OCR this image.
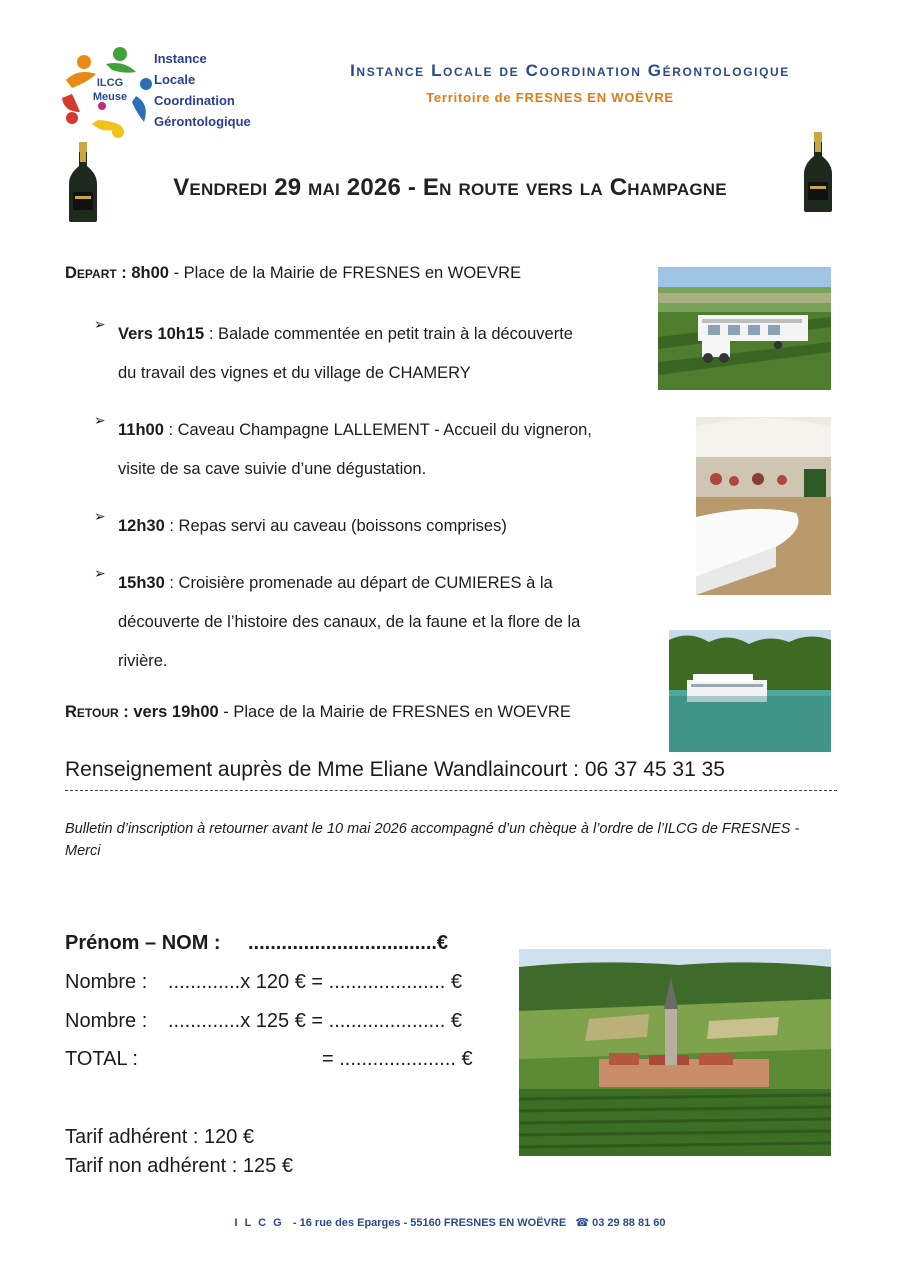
ILCG
Meuse
Instance
Locale
Coordination
Gérontologique
Instance Locale de Coordination Gérontologique
Territoire de FRESNES EN WOËVRE
Vendredi 29 mai 2026 - En route vers la Champagne
Depart : 8h00 - Place de la Mairie de FRESNES en WOEVRE
➢
Vers 10h15 : Balade commentée en petit train à la découverte
du travail des vignes et du village de CHAMERY
➢
11h00 : Caveau Champagne LALLEMENT - Accueil du vigneron,
visite de sa cave suivie d’une dégustation.
➢
12h30 : Repas servi au caveau (boissons comprises)
➢
15h30 : Croisière promenade au départ de CUMIERES à la
découverte de l’histoire des canaux, de la faune et la flore de la
rivière.
Retour : vers 19h00 - Place de la Mairie de FRESNES en WOEVRE
Renseignement auprès de Mme Eliane Wandlaincourt : 06 37 45 31 35
Bulletin d’inscription à retourner avant le 10 mai 2026 accompagné d’un chèque à l’ordre de l’ILCG de FRESNES - Merci
Prénom – NOM : ..................................€
Nombre : .............x 120 € = ..................... €
Nombre : .............x 125 € = ..................... €
TOTAL :	= ..................... €
Tarif adhérent : 120 €
Tarif non adhérent : 125 €
I L C G - 16 rue des Eparges - 55160 FRESNES EN WOËVRE ☎ 03 29 88 81 60
